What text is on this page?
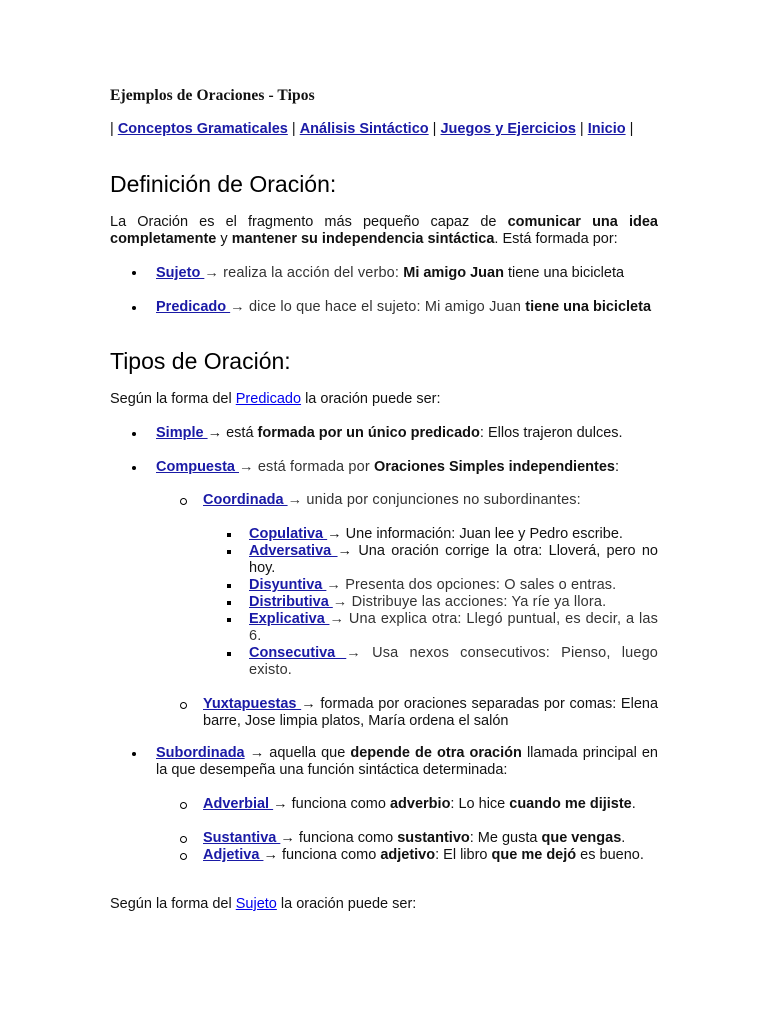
Ejemplos de Oraciones - Tipos
| Conceptos Gramaticales | Análisis Sintáctico | Juegos y Ejercicios | Inicio |
Definición de Oración:
La Oración es el fragmento más pequeño capaz de comunicar una idea completamente y mantener su independencia sintáctica. Está formada por:
Sujeto → realiza la acción del verbo: Mi amigo Juan tiene una bicicleta
Predicado → dice lo que hace el sujeto: Mi amigo Juan tiene una bicicleta
Tipos de Oración:
Según la forma del Predicado la oración puede ser:
Simple → está formada por un único predicado: Ellos trajeron dulces.
Compuesta → está formada por Oraciones Simples independientes:
Coordinada → unida por conjunciones no subordinantes:
Copulativa → Une información: Juan lee y Pedro escribe.
Adversativa → Una oración corrige la otra: Lloverá, pero no hoy.
Disyuntiva → Presenta dos opciones: O sales o entras.
Distributiva → Distribuye las acciones: Ya ríe ya llora.
Explicativa → Una explica otra: Llegó puntual, es decir, a las 6.
Consecutiva → Usa nexos consecutivos: Pienso, luego existo.
Yuxtapuestas → formada por oraciones separadas por comas: Elena barre, Jose limpia platos, María ordena el salón
Subordinada → aquella que depende de otra oración llamada principal en la que desempeña una función sintáctica determinada:
Adverbial → funciona como adverbio: Lo hice cuando me dijiste.
Sustantiva → funciona como sustantivo: Me gusta que vengas.
Adjetiva → funciona como adjetivo: El libro que me dejó es bueno.
Según la forma del Sujeto la oración puede ser:
